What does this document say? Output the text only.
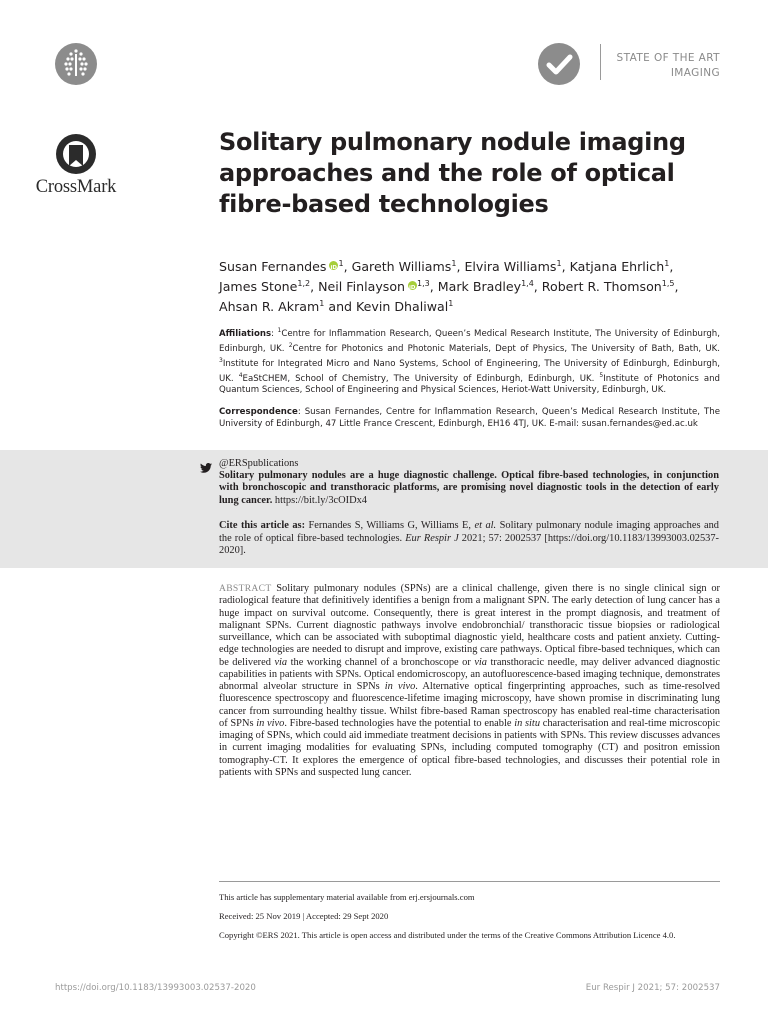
STATE OF THE ART
IMAGING
CrossMark
Solitary pulmonary nodule imaging
approaches and the role of optical
fibre-based technologies
Susan Fernandes iD $^1$, Gareth Williams$^1$, Elvira Williams$^1$, Katjana Ehrlich$^1$,
James Stone$^{1,2}$, Neil Finlayson iD $^{1,3}$, Mark Bradley$^{1,4}$, Robert R. Thomson$^{1,5}$,
Ahsan R. Akram$^1$ and Kevin Dhaliwal$^1$
Affiliations: $^1$Centre for Inflammation Research, Queen’s Medical Research Institute, The University of Edinburgh, Edinburgh, UK. $^2$Centre for Photonics and Photonic Materials, Dept of Physics, The University of Bath, Bath, UK. $^3$Institute for Integrated Micro and Nano Systems, School of Engineering, The University of Edinburgh, Edinburgh, UK. $^4$EaStCHEM, School of Chemistry, The University of Edinburgh, Edinburgh, UK. $^5$Institute of Photonics and Quantum Sciences, School of Engineering and Physical Sciences, Heriot-Watt University, Edinburgh, UK.
Correspondence: Susan Fernandes, Centre for Inflammation Research, Queen’s Medical Research Institute, The University of Edinburgh, 47 Little France Crescent, Edinburgh, EH16 4TJ, UK. E-mail: susan.fernandes@ed.ac.uk
@ERSpublications
Solitary pulmonary nodules are a huge diagnostic challenge. Optical fibre-based technologies, in conjunction with bronchoscopic and transthoracic platforms, are promising novel diagnostic tools in the detection of early lung cancer. https://bit.ly/3cOIDx4
Cite this article as: Fernandes S, Williams G, Williams E, et al. Solitary pulmonary nodule imaging approaches and the role of optical fibre-based technologies. Eur Respir J 2021; 57: 2002537 [https://doi.org/10.1183/13993003.02537-2020].
ABSTRACT Solitary pulmonary nodules (SPNs) are a clinical challenge, given there is no single clinical sign or radiological feature that definitively identifies a benign from a malignant SPN. The early detection of lung cancer has a huge impact on survival outcome. Consequently, there is great interest in the prompt diagnosis, and treatment of malignant SPNs. Current diagnostic pathways involve endobronchial/ transthoracic tissue biopsies or radiological surveillance, which can be associated with suboptimal diagnostic yield, healthcare costs and patient anxiety. Cutting-edge technologies are needed to disrupt and improve, existing care pathways. Optical fibre-based techniques, which can be delivered via the working channel of a bronchoscope or via transthoracic needle, may deliver advanced diagnostic capabilities in patients with SPNs. Optical endomicroscopy, an autofluorescence-based imaging technique, demonstrates abnormal alveolar structure in SPNs in vivo. Alternative optical fingerprinting approaches, such as time-resolved fluorescence spectroscopy and fluorescence-lifetime imaging microscopy, have shown promise in discriminating lung cancer from surrounding healthy tissue. Whilst fibre-based Raman spectroscopy has enabled real-time characterisation of SPNs in vivo. Fibre-based technologies have the potential to enable in situ characterisation and real-time microscopic imaging of SPNs, which could aid immediate treatment decisions in patients with SPNs. This review discusses advances in current imaging modalities for evaluating SPNs, including computed tomography (CT) and positron emission tomography-CT. It explores the emergence of optical fibre-based technologies, and discusses their potential role in patients with SPNs and suspected lung cancer.
This article has supplementary material available from erj.ersjournals.com
Received: 25 Nov 2019 | Accepted: 29 Sept 2020
Copyright ©ERS 2021. This article is open access and distributed under the terms of the Creative Commons Attribution Licence 4.0.
https://doi.org/10.1183/13993003.02537-2020	Eur Respir J 2021; 57: 2002537
